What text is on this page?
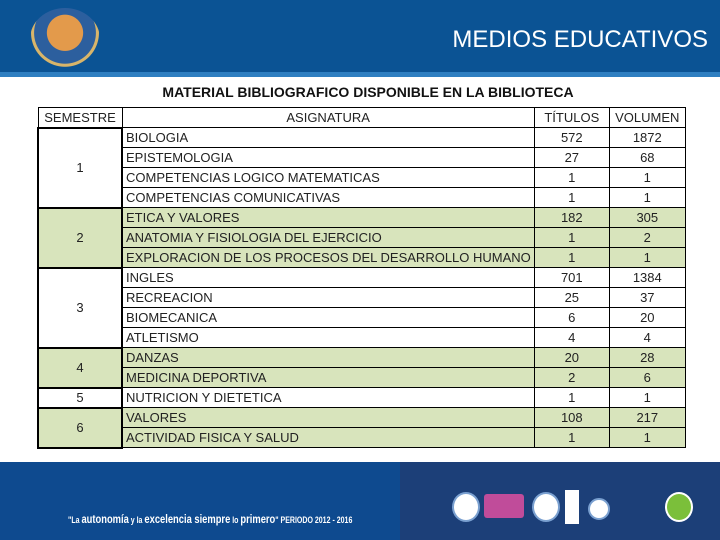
MEDIOS EDUCATIVOS
MATERIAL BIBLIOGRAFICO DISPONIBLE EN LA BIBLIOTECA
SEMESTRE	ASIGNATURA	TÍTULOS	VOLUMEN
1	BIOLOGIA	572	1872
	EPISTEMOLOGIA	27	68
	COMPETENCIAS LOGICO MATEMATICAS	1	1
	COMPETENCIAS COMUNICATIVAS	1	1
2	ETICA Y VALORES	182	305
	ANATOMIA Y FISIOLOGIA DEL EJERCICIO	1	2
	EXPLORACION DE LOS PROCESOS DEL DESARROLLO HUMANO	1	1
3	INGLES	701	1384
	RECREACION	25	37
	BIOMECANICA	6	20
	ATLETISMO	4	4
4	DANZAS	20	28
	MEDICINA DEPORTIVA	2	6
5	NUTRICION Y DIETETICA	1	1
6	VALORES	108	217
	ACTIVIDAD FISICA Y SALUD	1	1
"La autonomía y la excelencia siempre lo primero" PERIODO 2012 - 2016
